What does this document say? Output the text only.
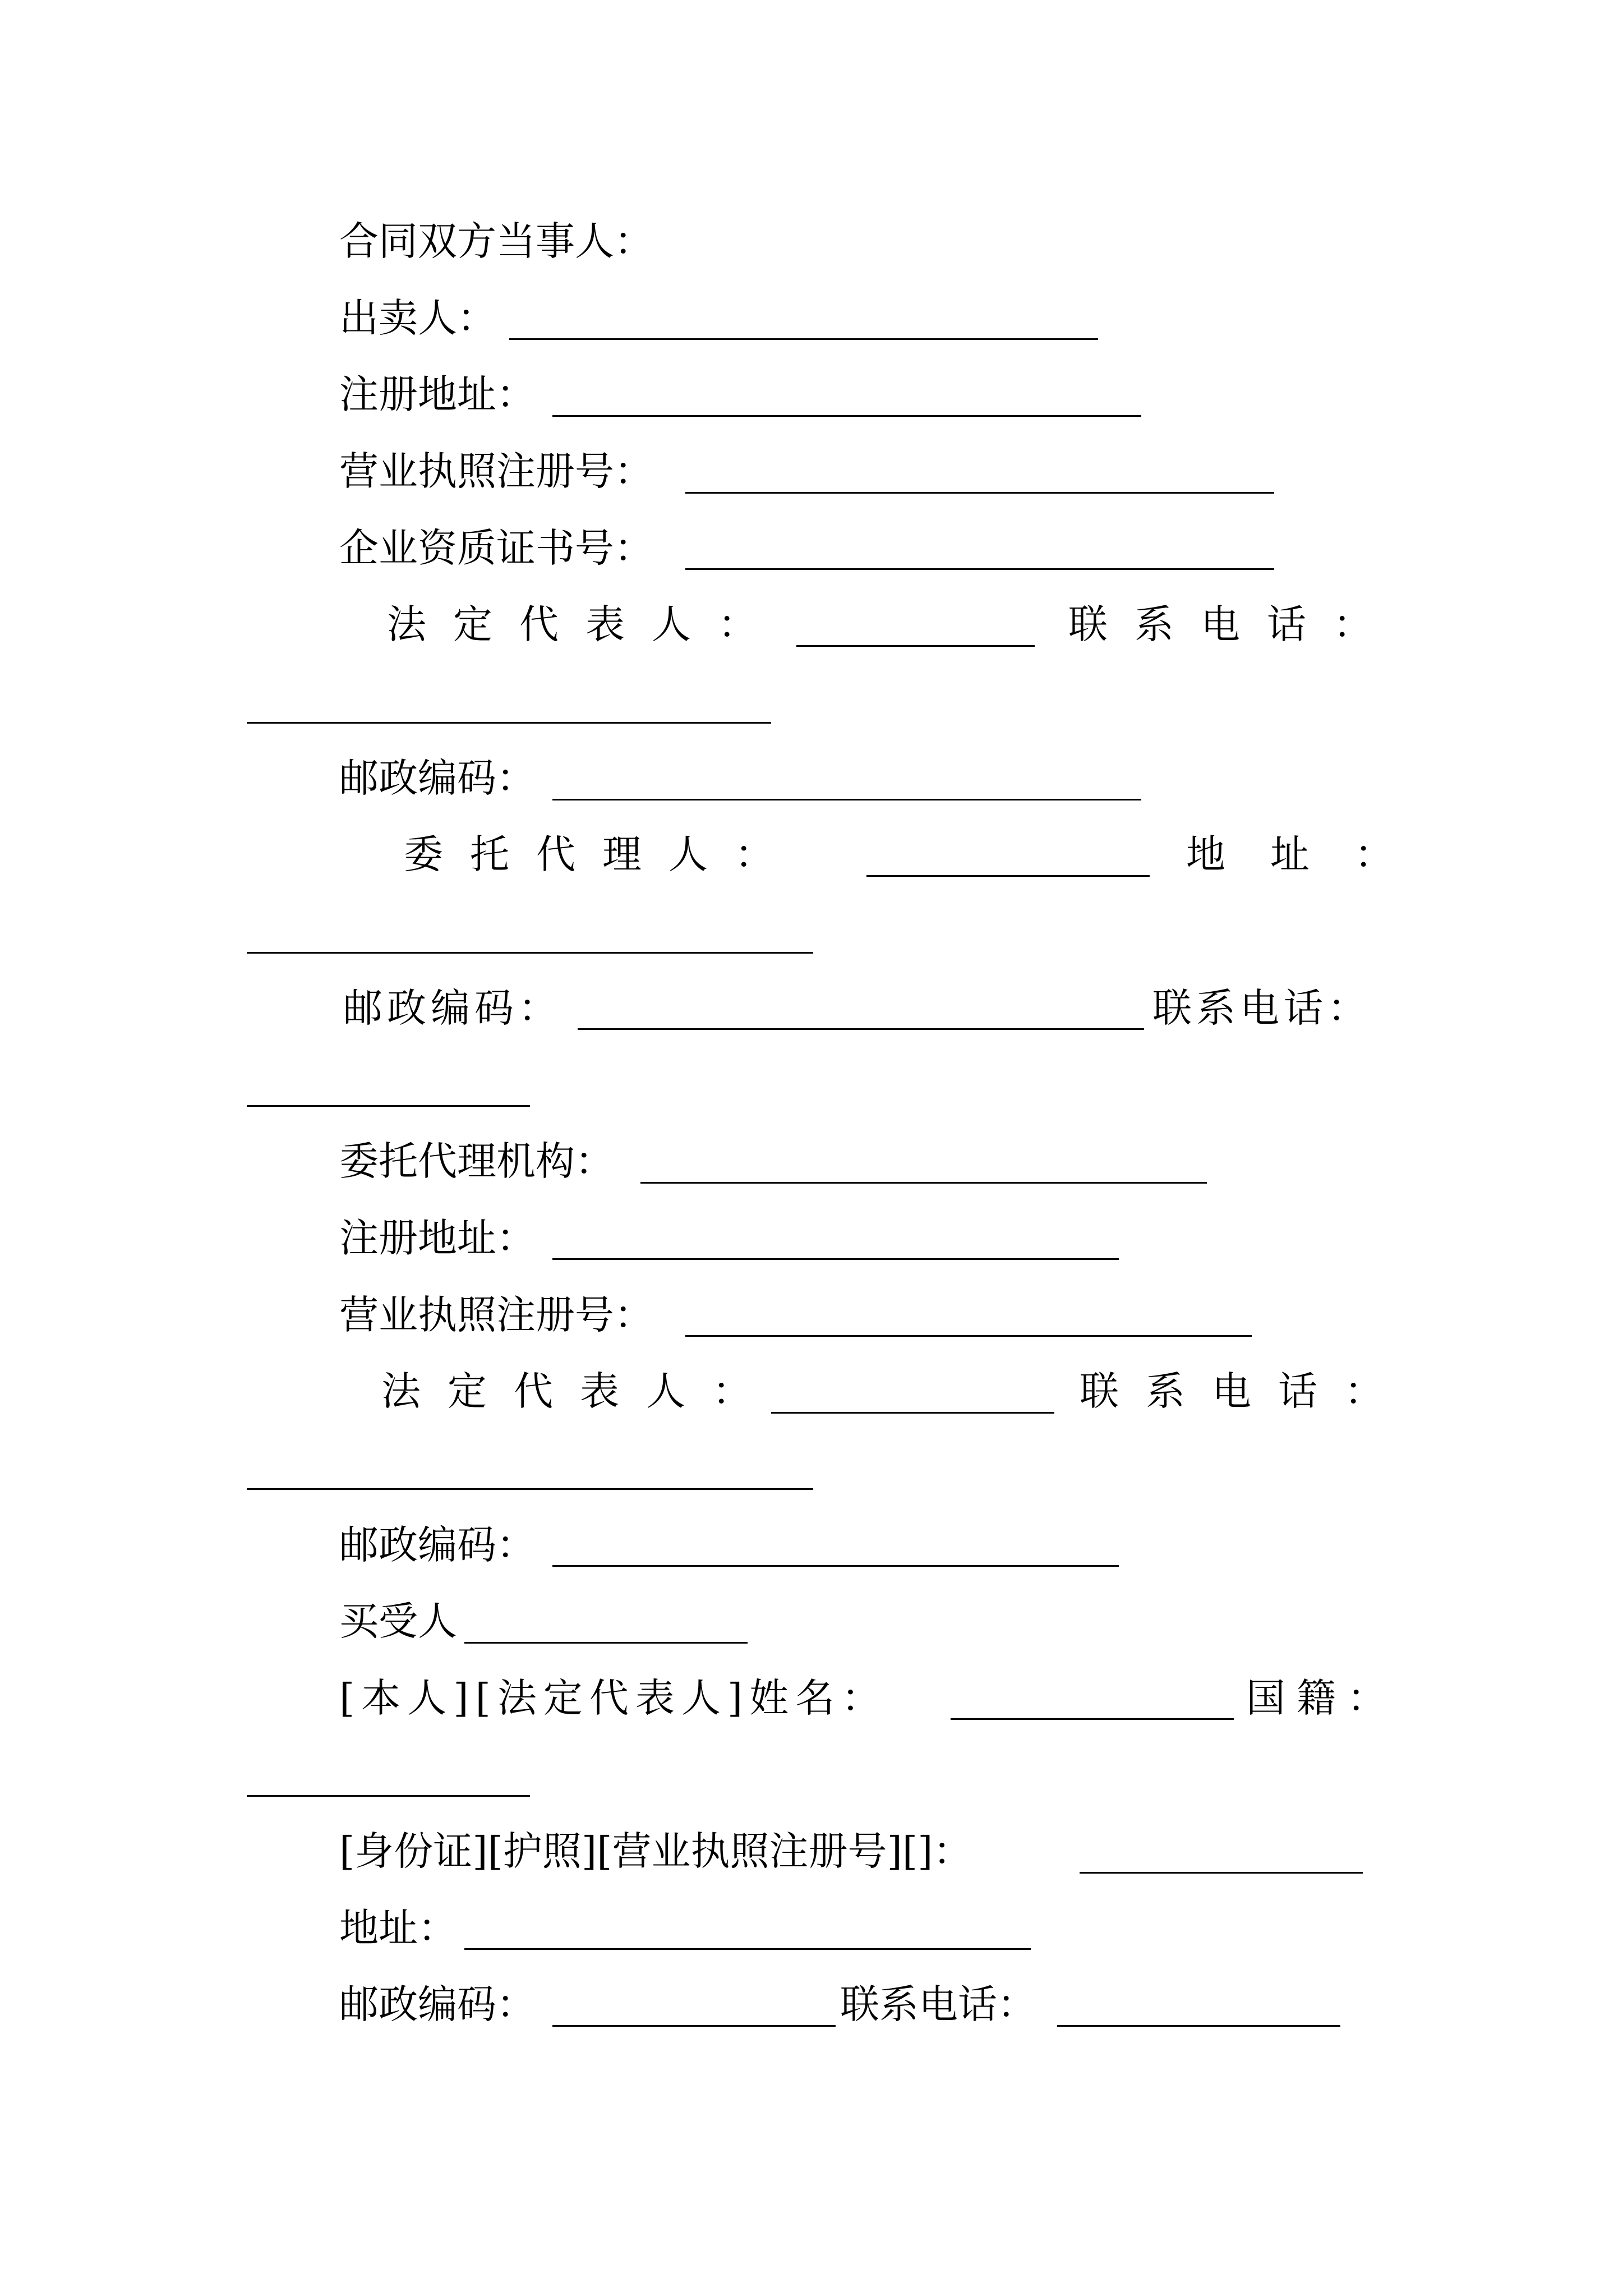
合同双方当事人：
出卖人：
注册地址：
营业执照注册号：
企业资质证书号：
法定代表人：	联系电话：
邮政编码：
委托代理人：	地址：
邮政编码：	联系电话：
委托代理机构：
注册地址：
营业执照注册号：
法定代表人：	联系电话：
邮政编码：
买受人
[本人][法定代表人]姓名：	国籍：
[身份证][护照][营业执照注册号][]：
地址：
邮政编码：	联系电话：
